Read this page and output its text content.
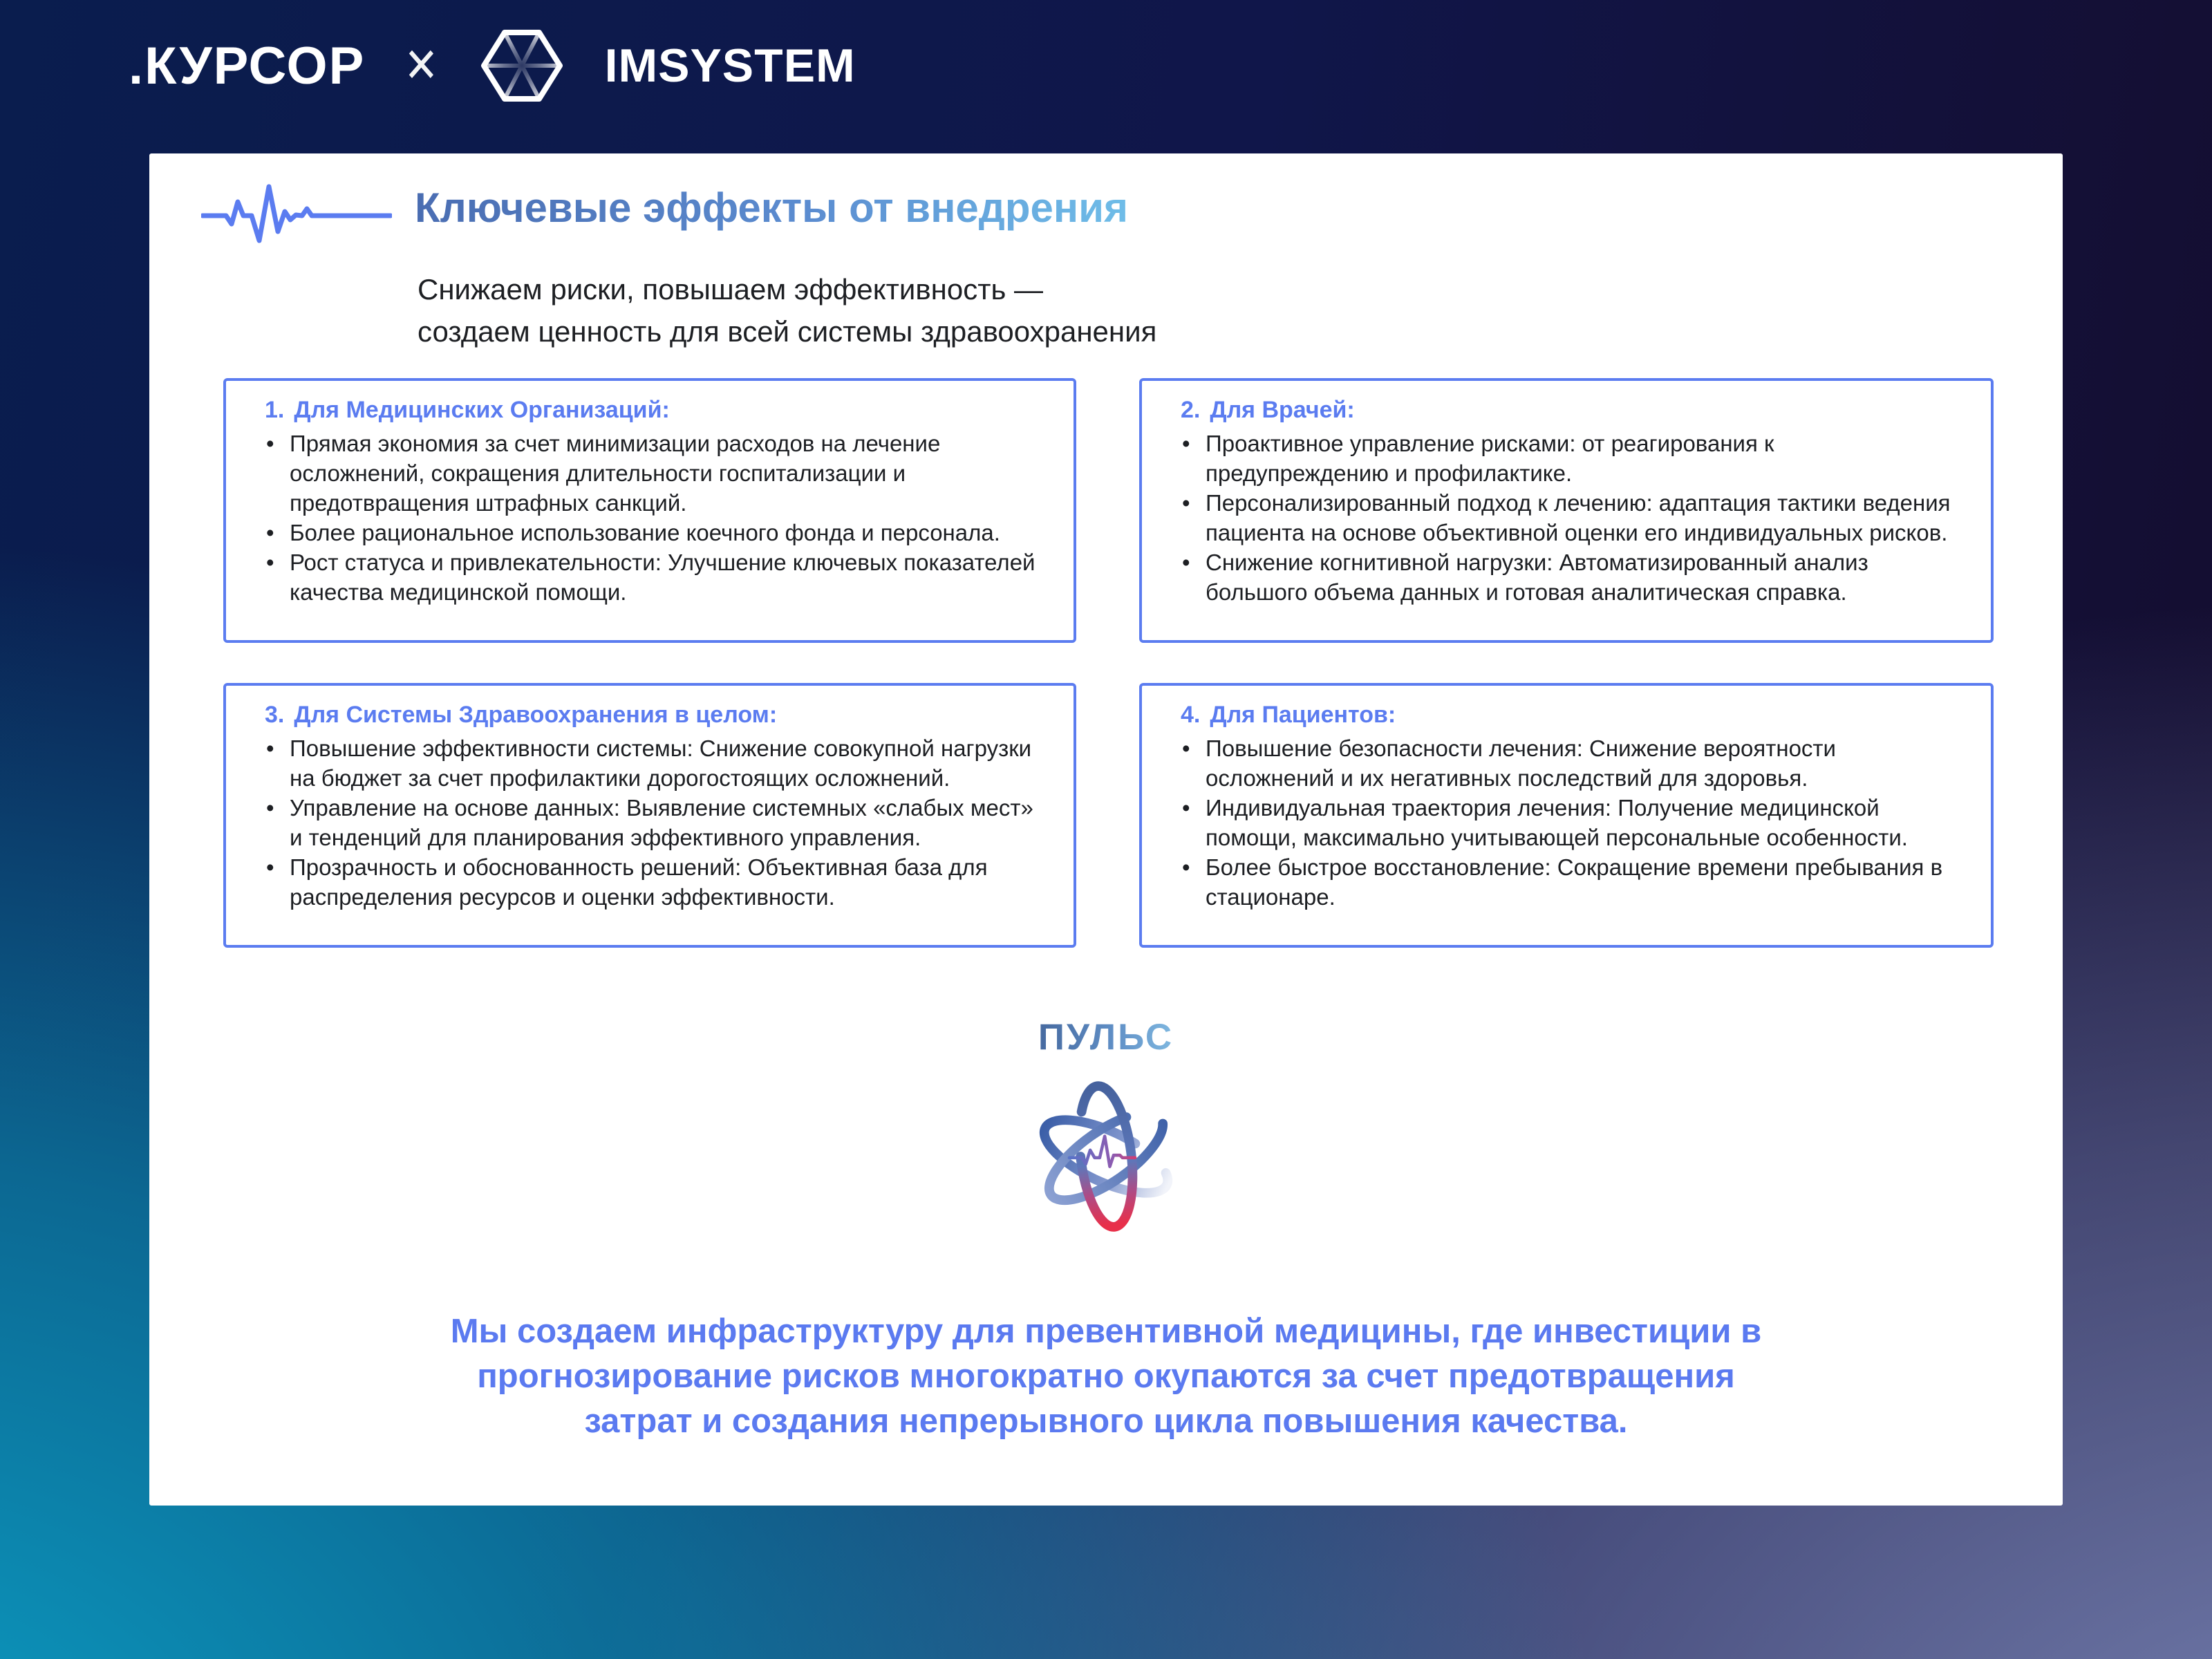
.КУРСОР ✕	IMSYSTEM
Ключевые эффекты от внедрения
Снижаем риски, повышаем эффективность —
создаем ценность для всей системы здравоохранения
1. Для Медицинских Организаций:
• Прямая экономия за счет минимизации расходов на лечение осложнений, сокращения длительности госпитализации и предотвращения штрафных санкций.
• Более рациональное использование коечного фонда и персонала.
• Рост статуса и привлекательности: Улучшение ключевых показателей качества медицинской помощи.
2. Для Врачей:
• Проактивное управление рисками: от реагирования к предупреждению и профилактике.
• Персонализированный подход к лечению: адаптация тактики ведения пациента на основе объективной оценки его индивидуальных рисков.
• Снижение когнитивной нагрузки: Автоматизированный анализ большого объема данных и готовая аналитическая справка.
3. Для Системы Здравоохранения в целом:
• Повышение эффективности системы: Снижение совокупной нагрузки на бюджет за счет профилактики дорогостоящих осложнений.
• Управление на основе данных: Выявление системных «слабых мест» и тенденций для планирования эффективного управления.
• Прозрачность и обоснованность решений: Объективная база для распределения ресурсов и оценки эффективности.
4. Для Пациентов:
• Повышение безопасности лечения: Снижение вероятности осложнений и их негативных последствий для здоровья.
• Индивидуальная траектория лечения: Получение медицинской помощи, максимально учитывающей персональные особенности.
• Более быстрое восстановление: Сокращение времени пребывания в стационаре.
ПУЛЬС
Мы создаем инфраструктуру для превентивной медицины, где инвестиции в
прогнозирование рисков многократно окупаются за счет предотвращения
затрат и создания непрерывного цикла повышения качества.
